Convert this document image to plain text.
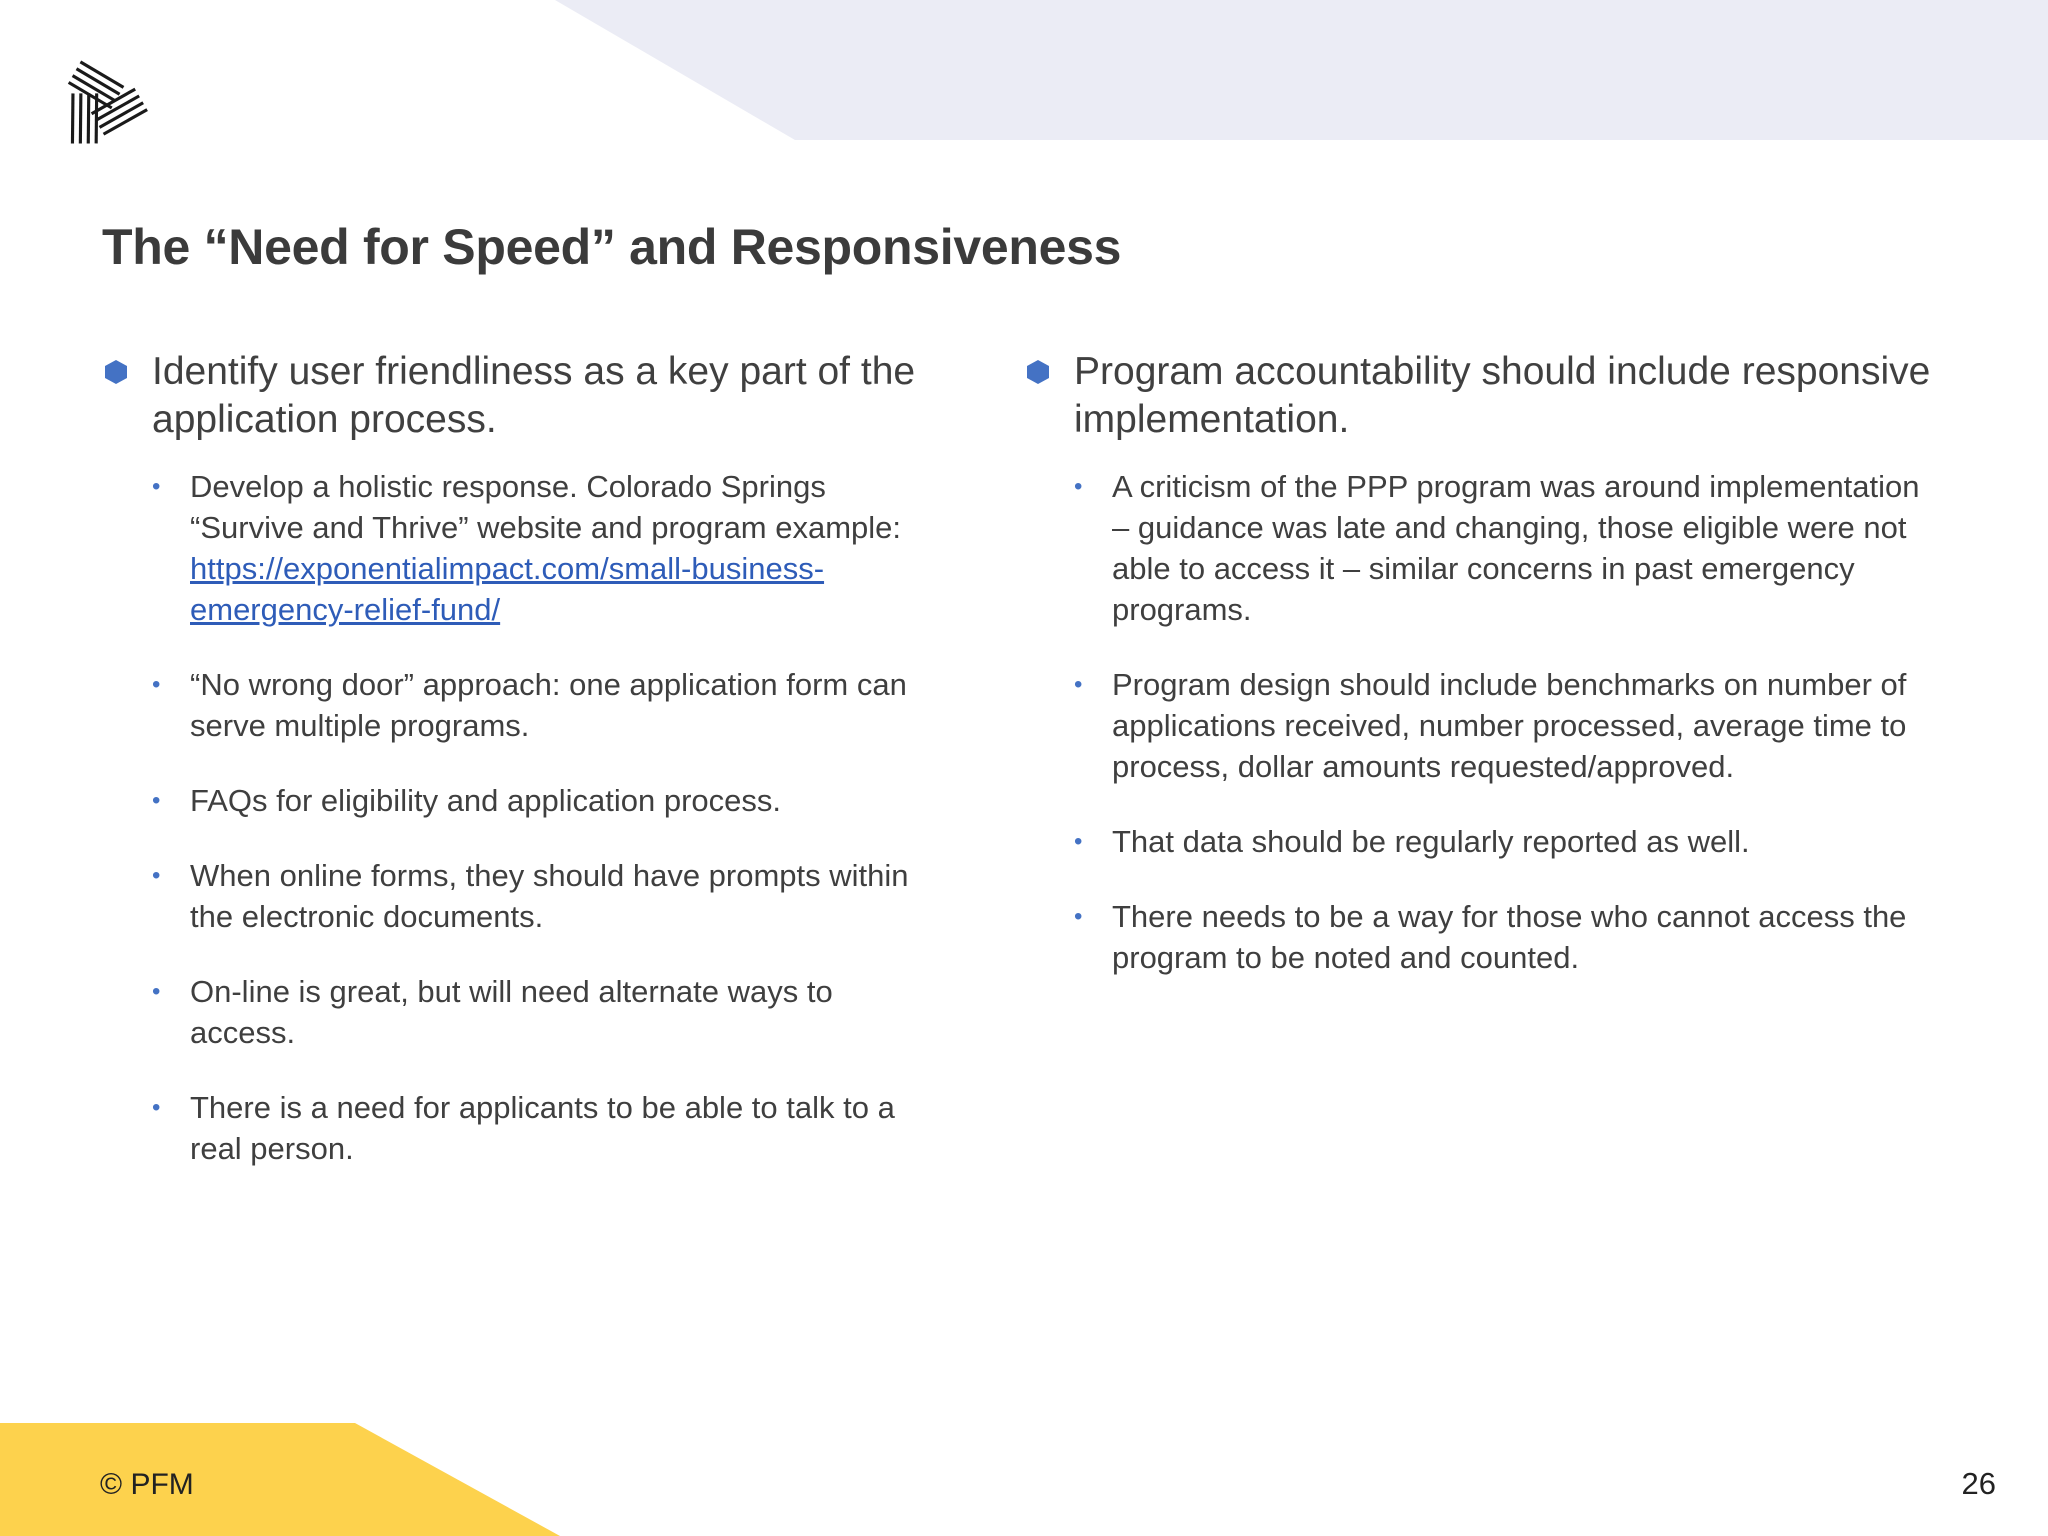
The “Need for Speed” and Responsiveness
Identify user friendliness as a key part of the application process.
• Develop a holistic response. Colorado Springs “Survive and Thrive” website and program example: https://exponentialimpact.com/small-business-emergency-relief-fund/
• “No wrong door” approach: one application form can serve multiple programs.
• FAQs for eligibility and application process.
• When online forms, they should have prompts within the electronic documents.
• On-line is great, but will need alternate ways to access.
• There is a need for applicants to be able to talk to a real person.
Program accountability should include responsive implementation.
• A criticism of the PPP program was around implementation – guidance was late and changing, those eligible were not able to access it – similar concerns in past emergency programs.
• Program design should include benchmarks on number of applications received, number processed, average time to process, dollar amounts requested/approved.
• That data should be regularly reported as well.
• There needs to be a way for those who cannot access the program to be noted and counted.
© PFM	26
